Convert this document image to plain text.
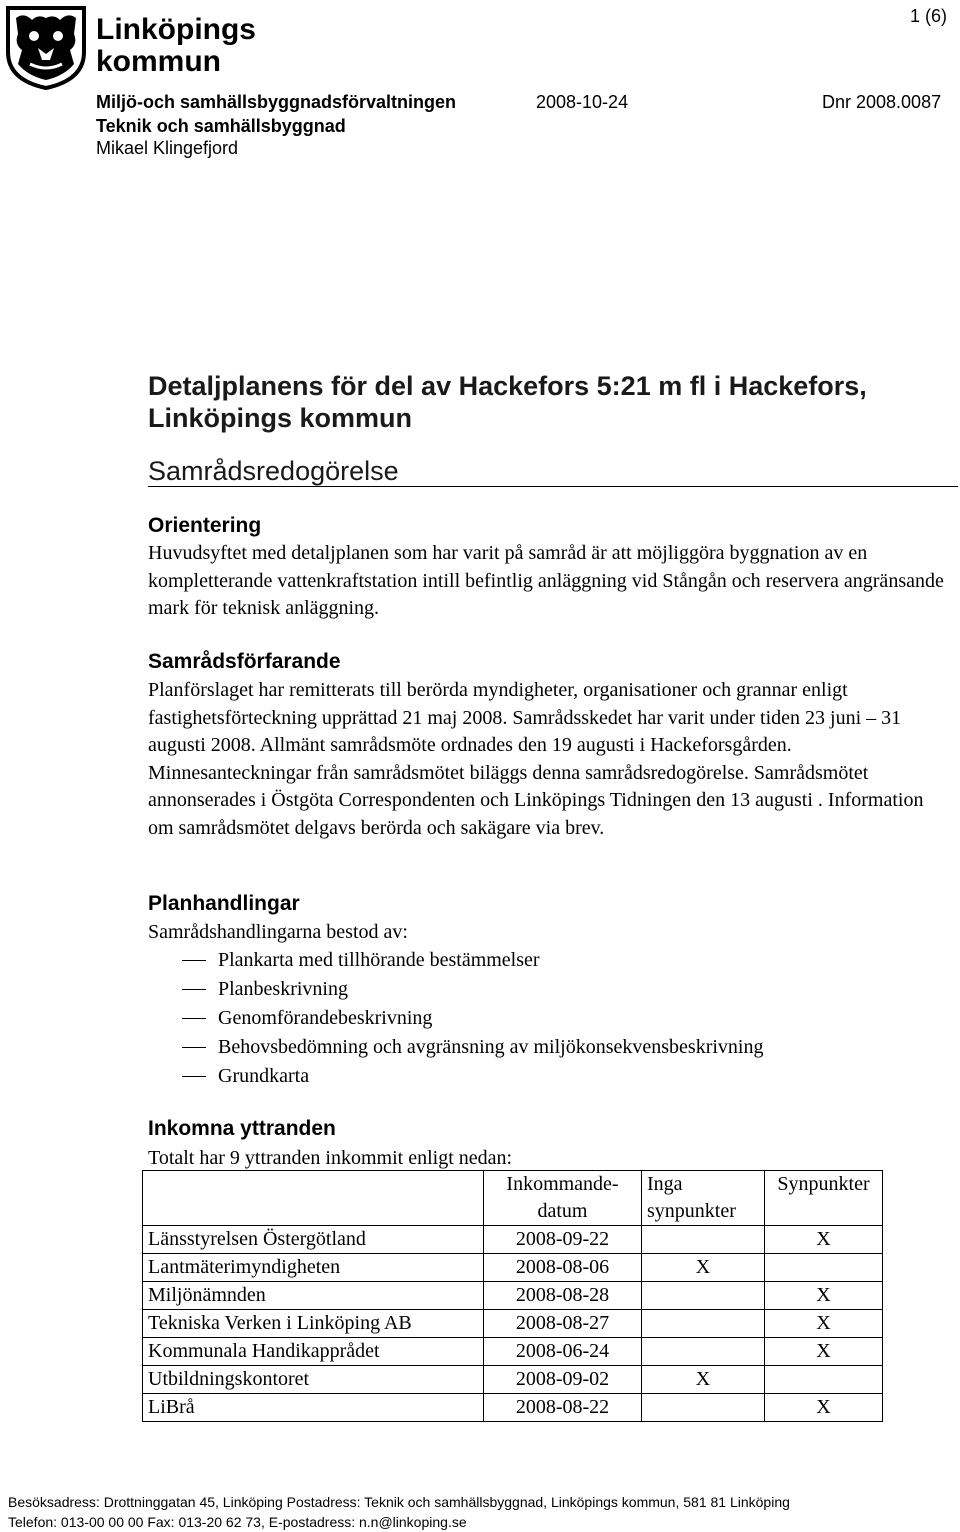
Linköpings kommun
1 (6)
Miljö-och samhällsbyggnadsförvaltningen	2008-10-24	Dnr 2008.0087
Teknik och samhällsbyggnad
Mikael Klingefjord
Detaljplanens för del av Hackefors 5:21 m fl i Hackefors, Linköpings kommun
Samrådsredogörelse
Orientering
Huvudsyftet med detaljplanen som har varit på samråd är att möjliggöra byggnation av en kompletterande vattenkraftstation intill befintlig anläggning vid Stångån och reservera angränsande mark för teknisk anläggning.
Samrådsförfarande
Planförslaget har remitterats till berörda myndigheter, organisationer och grannar enligt fastighetsförteckning upprättad 21 maj 2008. Samrådsskedet har varit under tiden 23 juni – 31 augusti 2008. Allmänt samrådsmöte ordnades den 19 augusti i Hackeforsgården. Minnesanteckningar från samrådsmötet biläggs denna samrådsredogörelse. Samrådsmötet annonserades i Östgöta Correspondenten och Linköpings Tidningen den 13 augusti . Information om samrådsmötet delgavs berörda och sakägare via brev.
Planhandlingar
Samrådshandlingarna bestod av:
Plankarta med tillhörande bestämmelser
Planbeskrivning
Genomförandebeskrivning
Behovsbedömning och avgränsning av miljökonsekvensbeskrivning
Grundkarta
Inkomna yttranden
Totalt har 9 yttranden inkommit enligt nedan:
	Inkommande-datum	Inga synpunkter	Synpunkter
Länsstyrelsen Östergötland	2008-09-22		X
Lantmäterimyndigheten	2008-08-06	X	
Miljönämnden	2008-08-28		X
Tekniska Verken i Linköping AB	2008-08-27		X
Kommunala Handikapprådet	2008-06-24		X
Utbildningskontoret	2008-09-02	X	
LiBrå	2008-08-22		X
Besöksadress: Drottninggatan 45, Linköping Postadress: Teknik och samhällsbyggnad, Linköpings kommun, 581 81 Linköping
Telefon: 013-00 00 00 Fax: 013-20 62 73, E-postadress: n.n@linkoping.se
